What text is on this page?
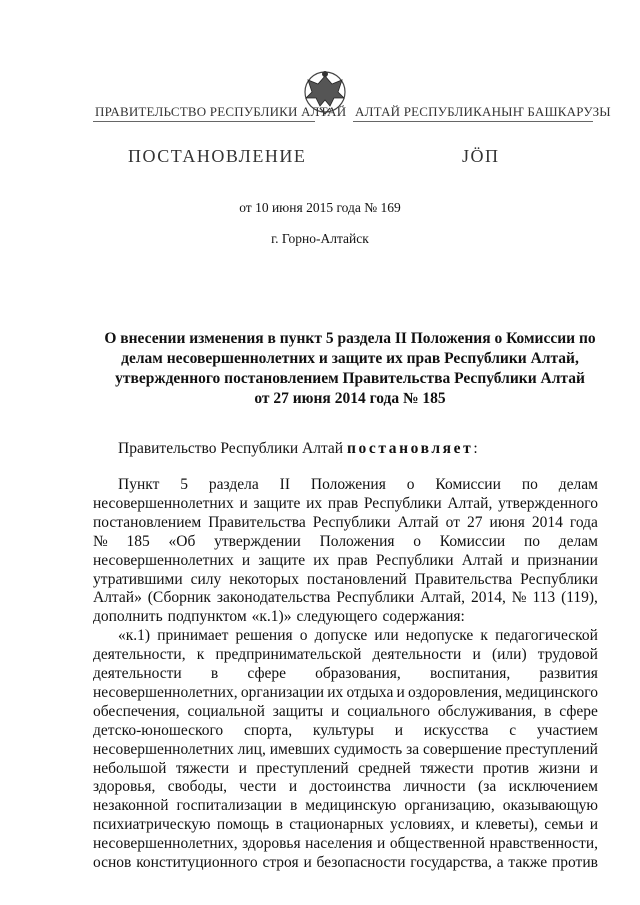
ПРАВИТЕЛЬСТВО РЕСПУБЛИКИ АЛТАЙ АЛТАЙ РЕСПУБЛИКАНЫҤ БАШКАРУЗЫ
ПОСТАНОВЛЕНИЕ	JÖП
от 10 июня 2015 года № 169
г. Горно-Алтайск
О внесении изменения в пункт 5 раздела II Положения о Комиссии по
делам несовершеннолетних и защите их прав Республики Алтай,
утвержденного постановлением Правительства Республики Алтай
от 27 июня 2014 года № 185
Правительство Республики Алтай постановляет:
Пункт 5 раздела II Положения о Комиссии по делам
несовершеннолетних и защите их прав Республики Алтай, утвержденного
постановлением Правительства Республики Алтай от 27 июня 2014 года
№ 185 «Об утверждении Положения о Комиссии по делам
несовершеннолетних и защите их прав Республики Алтай и признании
утратившими силу некоторых постановлений Правительства Республики
Алтай» (Сборник законодательства Республики Алтай, 2014, № 113 (119),
дополнить подпунктом «к.1)» следующего содержания:
«к.1) принимает решения о допуске или недопуске к педагогической
деятельности, к предпринимательской деятельности и (или) трудовой
деятельности в сфере образования, воспитания, развития
несовершеннолетних, организации их отдыха и оздоровления, медицинского
обеспечения, социальной защиты и социального обслуживания, в сфере
детско-юношеского спорта, культуры и искусства с участием
несовершеннолетних лиц, имевших судимость за совершение преступлений
небольшой тяжести и преступлений средней тяжести против жизни и
здоровья, свободы, чести и достоинства личности (за исключением
незаконной госпитализации в медицинскую организацию, оказывающую
психиатрическую помощь в стационарных условиях, и клеветы), семьи и
несовершеннолетних, здоровья населения и общественной нравственности,
основ конституционного строя и безопасности государства, а также против
